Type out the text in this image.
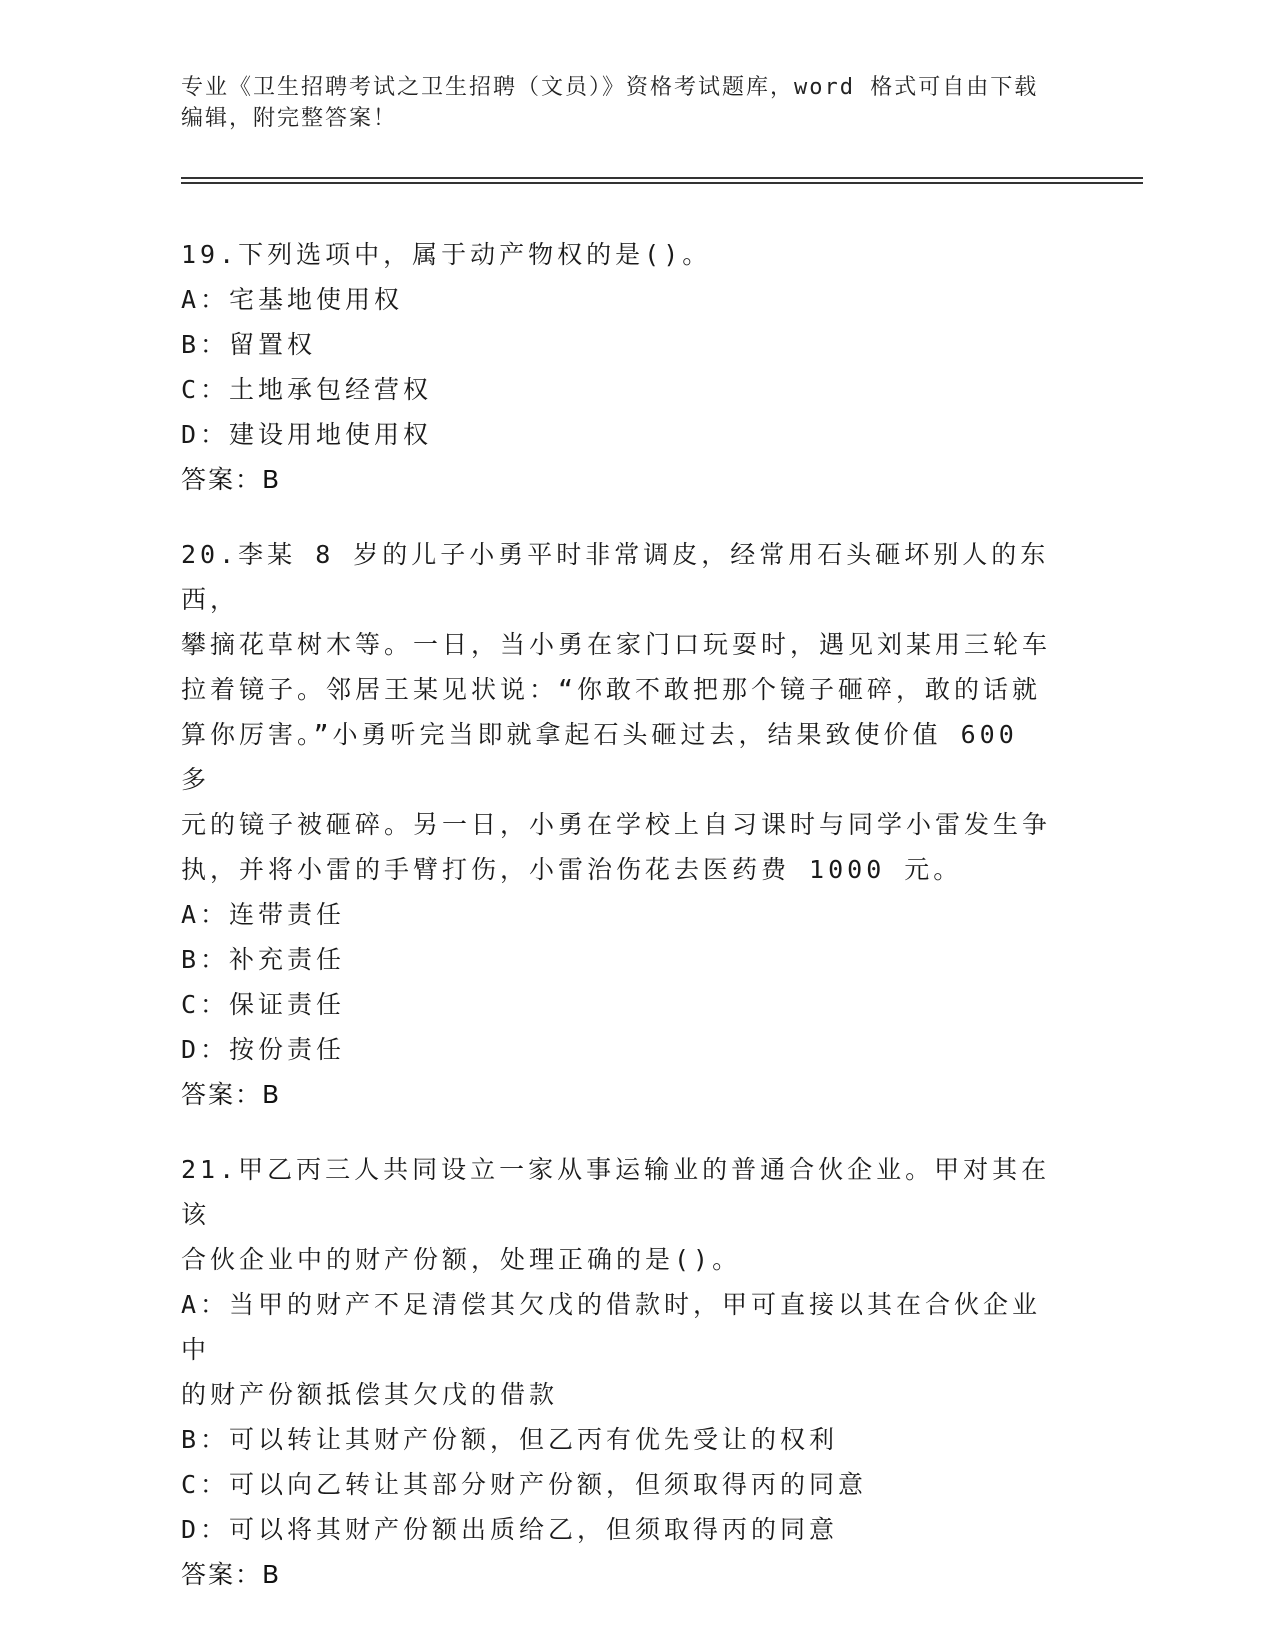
专业《卫生招聘考试之卫生招聘（文员）》资格考试题库，word 格式可自由下载
编辑，附完整答案！

19.下列选项中，属于动产物权的是()。

A：宅基地使用权

B：留置权

C：土地承包经营权

D：建设用地使用权

答案：B

20.李某 8 岁的儿子小勇平时非常调皮，经常用石头砸坏别人的东西，

攀摘花草树木等。一日，当小勇在家门口玩耍时，遇见刘某用三轮车

拉着镜子。邻居王某见状说：“你敢不敢把那个镜子砸碎，敢的话就

算你厉害。”小勇听完当即就拿起石头砸过去，结果致使价值 600 多

元的镜子被砸碎。另一日，小勇在学校上自习课时与同学小雷发生争

执，并将小雷的手臂打伤，小雷治伤花去医药费 1000 元。

A：连带责任

B：补充责任

C：保证责任

D：按份责任

答案：B

21.甲乙丙三人共同设立一家从事运输业的普通合伙企业。甲对其在该

合伙企业中的财产份额，处理正确的是()。

A：当甲的财产不足清偿其欠戊的借款时，甲可直接以其在合伙企业中

的财产份额抵偿其欠戊的借款

B：可以转让其财产份额，但乙丙有优先受让的权利

C：可以向乙转让其部分财产份额，但须取得丙的同意

D：可以将其财产份额出质给乙，但须取得丙的同意

答案：B
